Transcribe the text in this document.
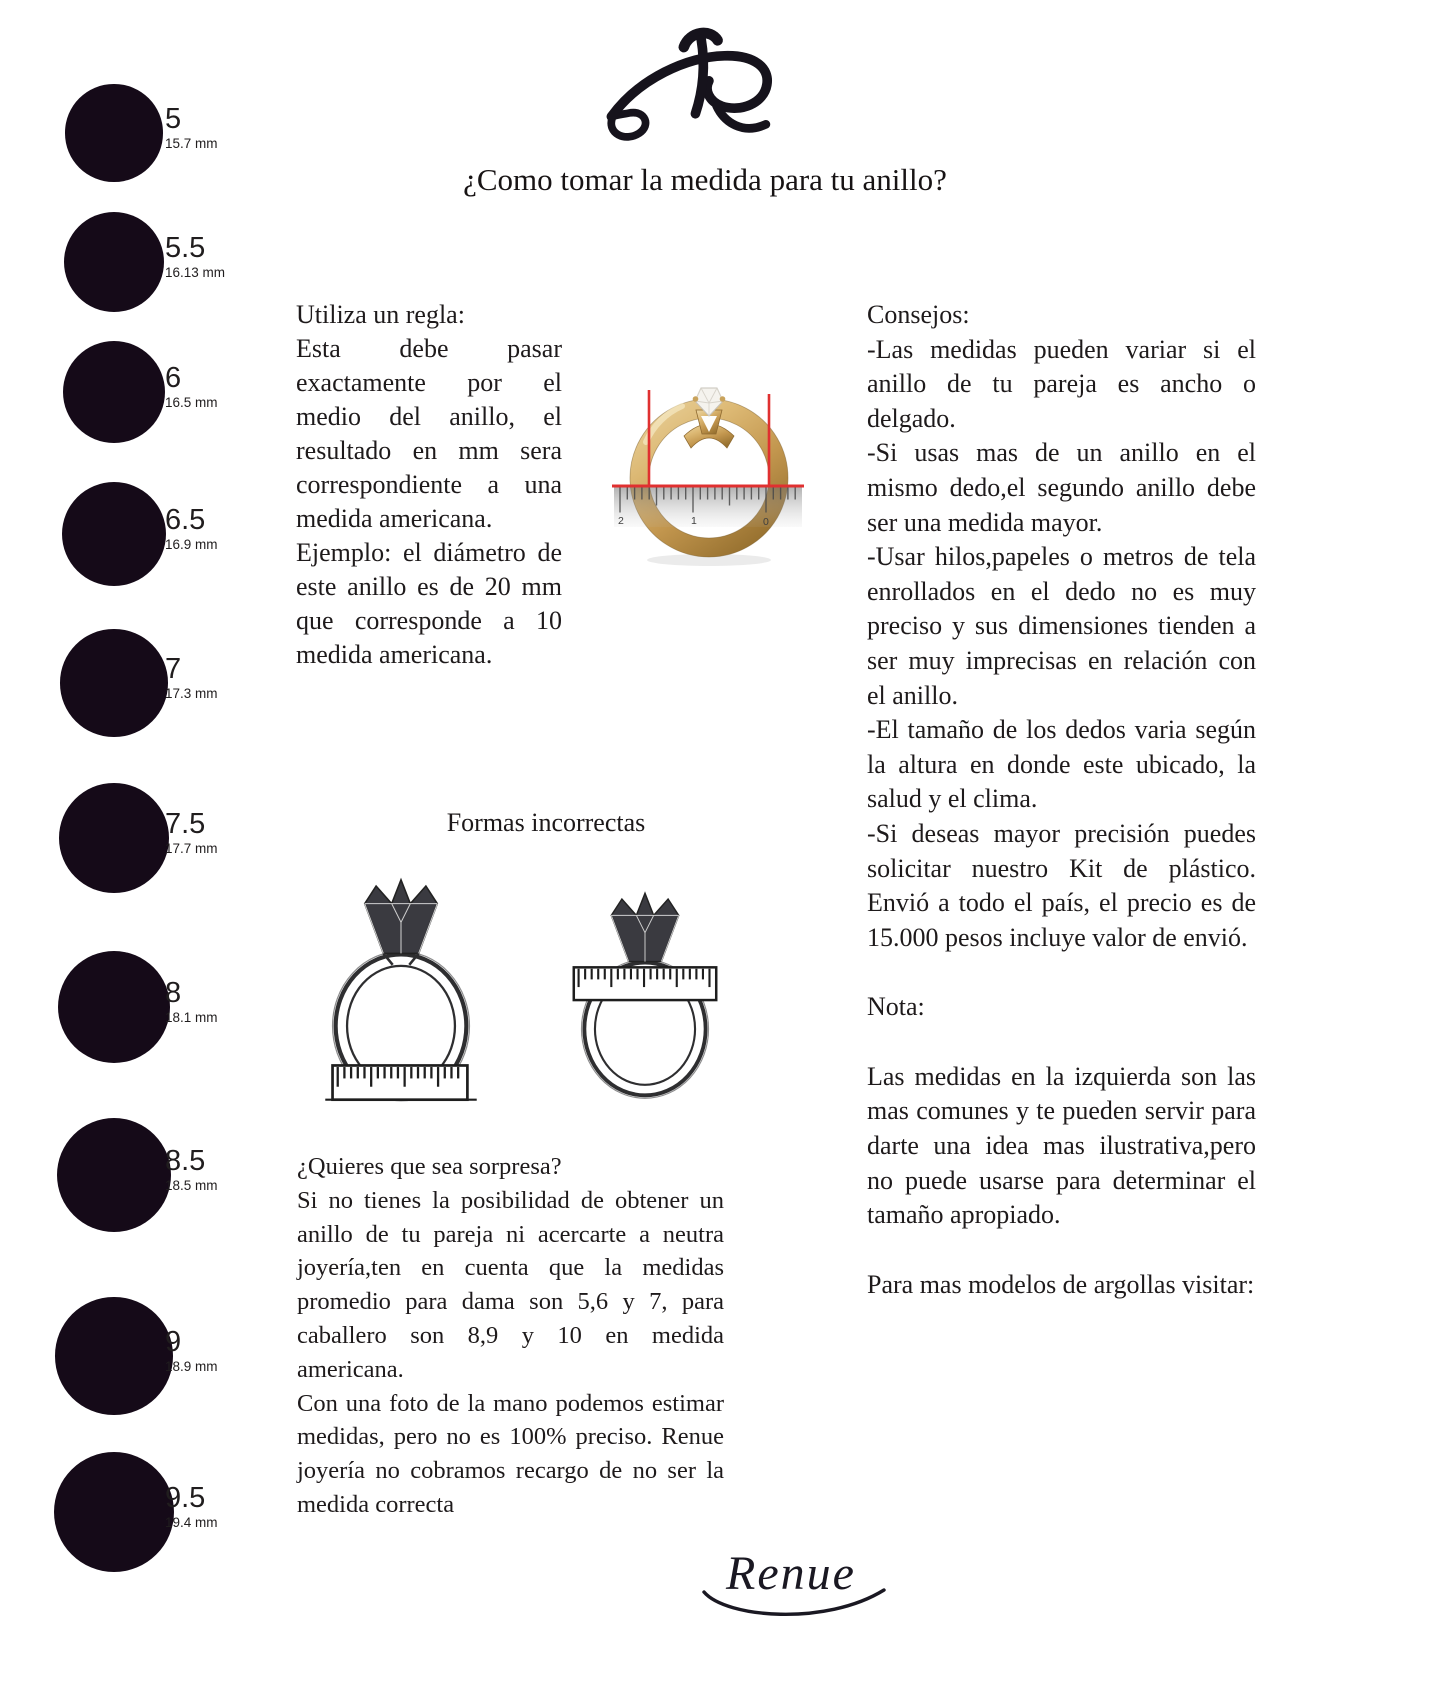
5
15.7 mm
5.5
16.13 mm
6
16.5 mm
6.5
16.9 mm
7
17.3 mm
7.5
17.7 mm
8
18.1 mm
8.5
18.5 mm
9
18.9 mm
9.5
19.4 mm
¿Como tomar la medida para tu anillo?

Utiliza un regla:

Esta debe pasar exactamente por el medio del anillo, el resultado en mm sera correspondiente a una medida americana.

Ejemplo: el diámetro de este anillo es de 20 mm que corresponde a 10 medida americana.

2	1	0
Formas incorrectas

¿Quieres que sea sorpresa?

Si no tienes la posibilidad de obtener un anillo de tu pareja ni acercarte a neutra joyería,ten en cuenta que la medidas promedio para dama son 5,6 y 7, para caballero son 8,9 y 10 en medida americana.

Con una foto de la mano podemos estimar medidas, pero no es 100% preciso. Renue joyería no cobramos recargo de no ser la medida correcta

Consejos:

-Las medidas pueden variar si el anillo de tu pareja es ancho o delgado.

-Si usas mas de un anillo en el mismo dedo,el segundo anillo debe ser una medida mayor.

-Usar hilos,papeles o metros de tela enrollados en el dedo no es muy preciso y sus dimensiones tienden a ser muy imprecisas en relación con el anillo.

-El tamaño de los dedos varia según la altura en donde este ubicado, la salud y el clima.

-Si deseas mayor precisión puedes solicitar nuestro Kit de plástico. Envió a todo el país, el precio es de 15.000 pesos incluye valor de envió.

Nota:

Las medidas en la izquierda son las mas comunes y te pueden servir para darte una idea mas ilustrativa,pero no puede usarse para determinar el tamaño apropiado.

Para mas modelos de argollas visitar:

Renue
